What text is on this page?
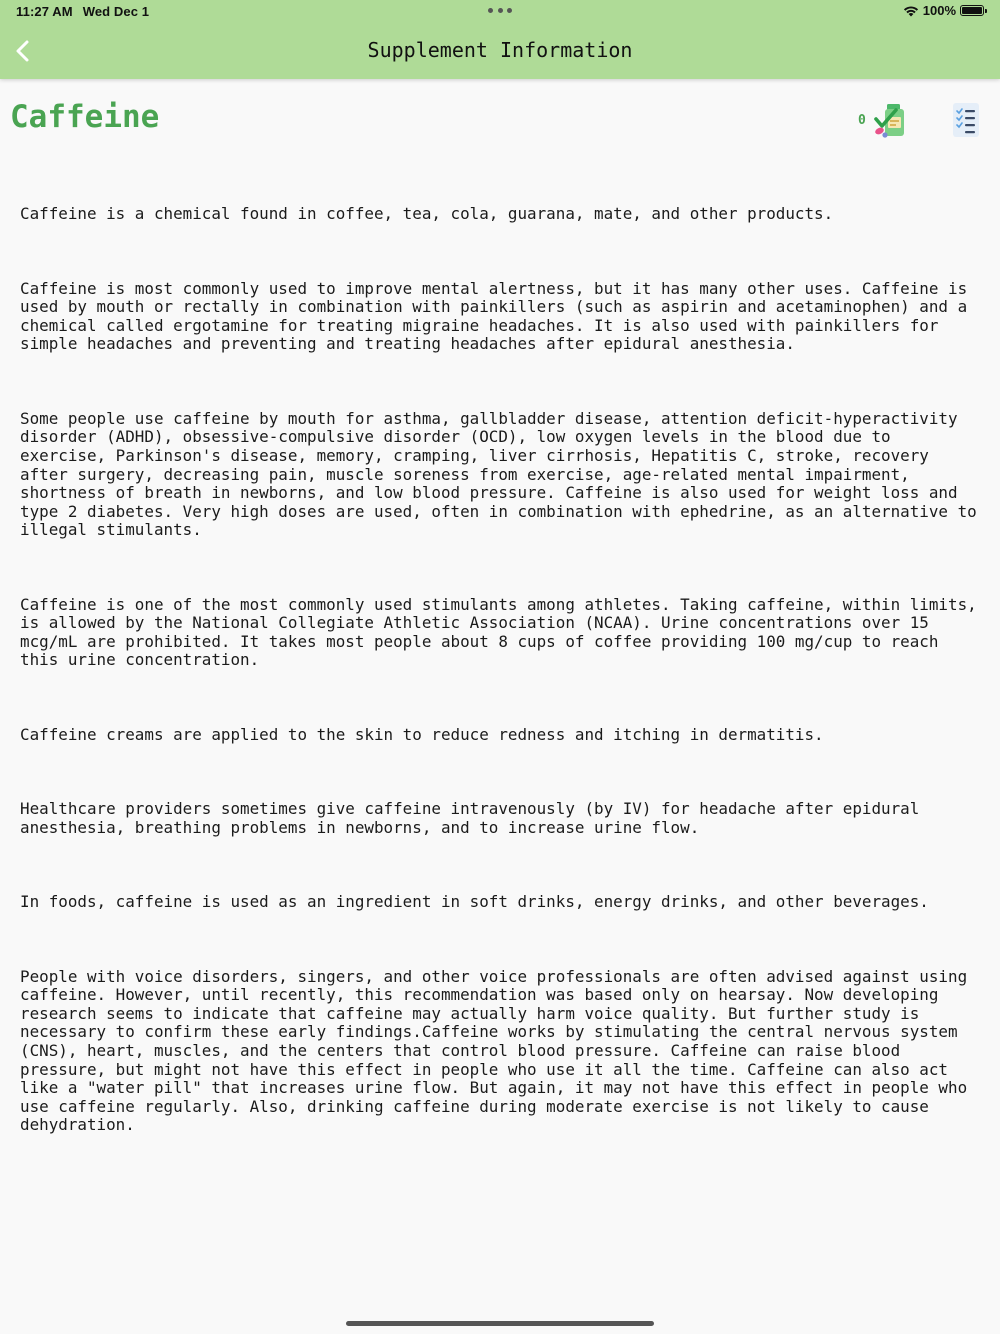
11:27 AM Wed Dec 1	100%
Supplement Information
Caffeine	0

Caffeine is a chemical found in coffee, tea, cola, guarana, mate, and other products.

Caffeine is most commonly used to improve mental alertness, but it has many other uses. Caffeine is used by mouth or rectally in combination with painkillers (such as aspirin and acetaminophen) and a chemical called ergotamine for treating migraine headaches. It is also used with painkillers for simple headaches and preventing and treating headaches after epidural anesthesia.

Some people use caffeine by mouth for asthma, gallbladder disease, attention deficit-hyperactivity disorder (ADHD), obsessive-compulsive disorder (OCD), low oxygen levels in the blood due to exercise, Parkinson's disease, memory, cramping, liver cirrhosis, Hepatitis C, stroke, recovery after surgery, decreasing pain, muscle soreness from exercise, age-related mental impairment, shortness of breath in newborns, and low blood pressure. Caffeine is also used for weight loss and type 2 diabetes. Very high doses are used, often in combination with ephedrine, as an alternative to illegal stimulants.

Caffeine is one of the most commonly used stimulants among athletes. Taking caffeine, within limits, is allowed by the National Collegiate Athletic Association (NCAA). Urine concentrations over 15 mcg/mL are prohibited. It takes most people about 8 cups of coffee providing 100 mg/cup to reach this urine concentration.

Caffeine creams are applied to the skin to reduce redness and itching in dermatitis.

Healthcare providers sometimes give caffeine intravenously (by IV) for headache after epidural anesthesia, breathing problems in newborns, and to increase urine flow.

In foods, caffeine is used as an ingredient in soft drinks, energy drinks, and other beverages.

People with voice disorders, singers, and other voice professionals are often advised against using caffeine. However, until recently, this recommendation was based only on hearsay. Now developing research seems to indicate that caffeine may actually harm voice quality. But further study is necessary to confirm these early findings.Caffeine works by stimulating the central nervous system (CNS), heart, muscles, and the centers that control blood pressure. Caffeine can raise blood pressure, but might not have this effect in people who use it all the time. Caffeine can also act like a "water pill" that increases urine flow. But again, it may not have this effect in people who use caffeine regularly. Also, drinking caffeine during moderate exercise is not likely to cause dehydration.
